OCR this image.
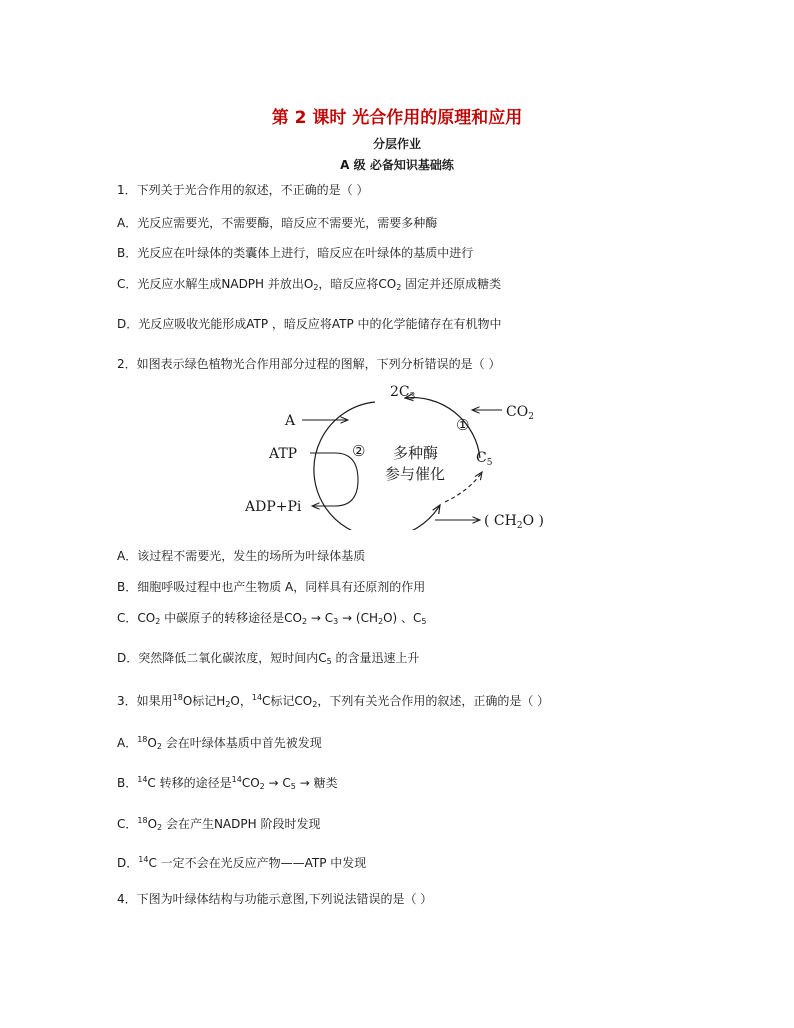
第 2 课时 光合作用的原理和应用
分层作业
A 级 必备知识基础练
1．下列关于光合作用的叙述，不正确的是（ ）
A．光反应需要光，不需要酶，暗反应不需要光，需要多种酶
B．光反应在叶绿体的类囊体上进行，暗反应在叶绿体的基质中进行
C．光反应水解生成NADPH 并放出$O_2$，暗反应将$CO_2$ 固定并还原成糖类
D．光反应吸收光能形成ATP ，暗反应将ATP 中的化学能储存在有机物中
2．如图表示绿色植物光合作用部分过程的图解，下列分析错误的是（ ）
A
ATP
ADP+Pi
$2C_3$
$CO_2$
$C_5$
( $CH_2O$ )
①
② 多种酶
参与催化
A．该过程不需要光，发生的场所为叶绿体基质
B．细胞呼吸过程中也产生物质 A，同样具有还原剂的作用
C．$CO_2$ 中碳原子的转移途径是$CO_2 \to C_3 \to (CH_2O)$ 、$C_5$
D．突然降低二氧化碳浓度，短时间内$C_5$ 的含量迅速上升
3．如果用$^{18}$O标记$H_2O$，$^{14}$C标记$CO_2$，下列有关光合作用的叙述，正确的是（ ）
A．$^{18}O_2$ 会在叶绿体基质中首先被发现
B．$^{14}$C 转移的途径是$^{14}CO_2 \to C_5$ → 糖类
C．$^{18}O_2$ 会在产生NADPH 阶段时发现
D．$^{14}$C 一定不会在光反应产物——ATP 中发现
4．下图为叶绿体结构与功能示意图,下列说法错误的是（ ）
